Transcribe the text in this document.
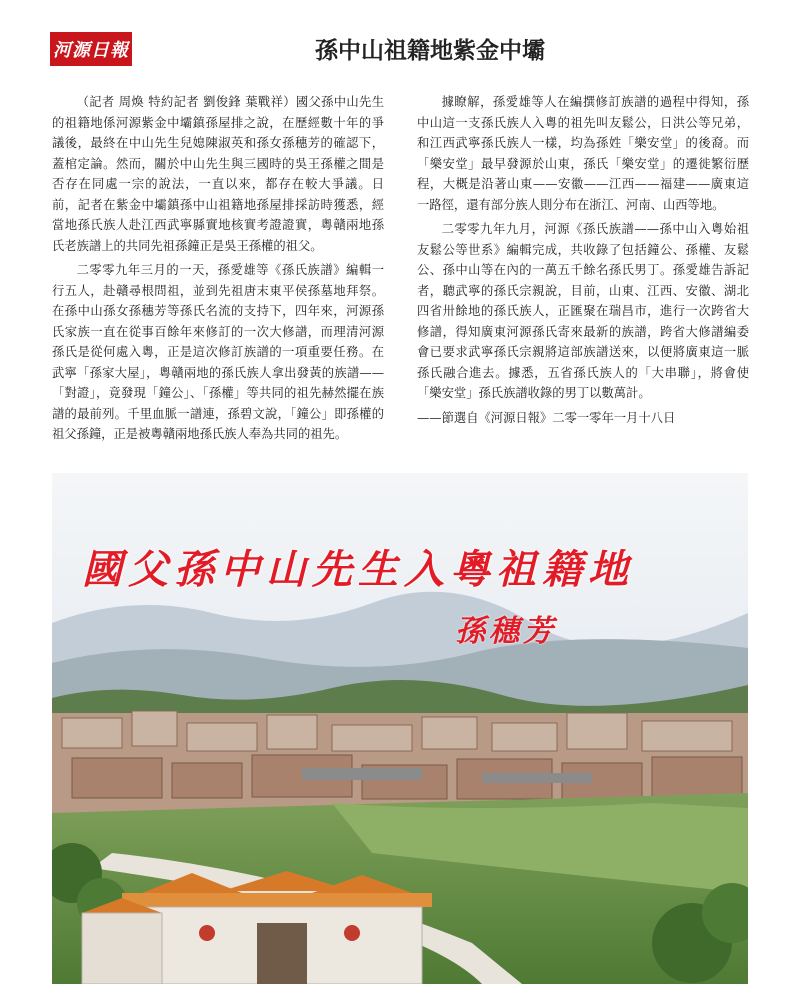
河源日報	孫中山祖籍地紫金中壩

（記者 周煥 特約記者 劉俊鋒 葉戰祥）國父孫中山先生的祖籍地係河源紫金中壩鎮孫屋排之說，在歷經數十年的爭議後，最終在中山先生兒媳陳淑英和孫女孫穗芳的確認下，蓋棺定論。然而，關於中山先生與三國時的吳王孫權之間是否存在同處一宗的說法，一直以來，都存在較大爭議。日前，記者在紫金中壩鎮孫中山祖籍地孫屋排採訪時獲悉，經當地孫氏族人赴江西武寧縣實地核實考證證實，粵贛兩地孫氏老族譜上的共同先祖孫鐘正是吳王孫權的祖父。

二零零九年三月的一天，孫愛雄等《孫氏族譜》編輯一行五人，赴贛尋根問祖，並到先祖唐末東平侯孫墓地拜祭。在孫中山孫女孫穗芳等孫氏名流的支持下，四年來，河源孫氏家族一直在從事百餘年來修訂的一次大修譜，而理清河源孫氏是從何處入粵，正是這次修訂族譜的一項重要任務。在武寧「孫家大屋」，粵贛兩地的孫氏族人拿出發黃的族譜——「對證」，竟發現「鐘公」、「孫權」等共同的祖先赫然擺在族譜的最前列。千里血脈一譜連，孫碧文說，「鐘公」即孫權的祖父孫鐘，正是被粵贛兩地孫氏族人奉為共同的祖先。

據瞭解，孫愛雄等人在編撰修訂族譜的過程中得知，孫中山這一支孫氏族人入粵的祖先叫友鬆公，日洪公等兄弟，和江西武寧孫氏族人一樣，均為孫姓「樂安堂」的後裔。而「樂安堂」最早發源於山東，孫氏「樂安堂」的遷徙繁衍歷程，大概是沿著山東——安徽——江西——福建——廣東這一路徑，還有部分族人則分布在浙江、河南、山西等地。

二零零九年九月，河源《孫氏族譜——孫中山入粵始祖友鬆公等世系》編輯完成，共收錄了包括鐘公、孫權、友鬆公、孫中山等在內的一萬五千餘名孫氏男丁。孫愛雄告訴記者，聽武寧的孫氏宗親說，目前，山東、江西、安徽、湖北四省卅餘地的孫氏族人，正匯聚在瑞昌市，進行一次跨省大修譜，得知廣東河源孫氏寄來最新的族譜，跨省大修譜編委會已要求武寧孫氏宗親將這部族譜送來，以便將廣東這一脈孫氏融合進去。據悉，五省孫氏族人的「大串聯」，將會使「樂安堂」孫氏族譜收錄的男丁以數萬計。

——節選自《河源日報》二零一零年一月十八日

國父孫中山先生入粵祖籍地
孫穗芳
